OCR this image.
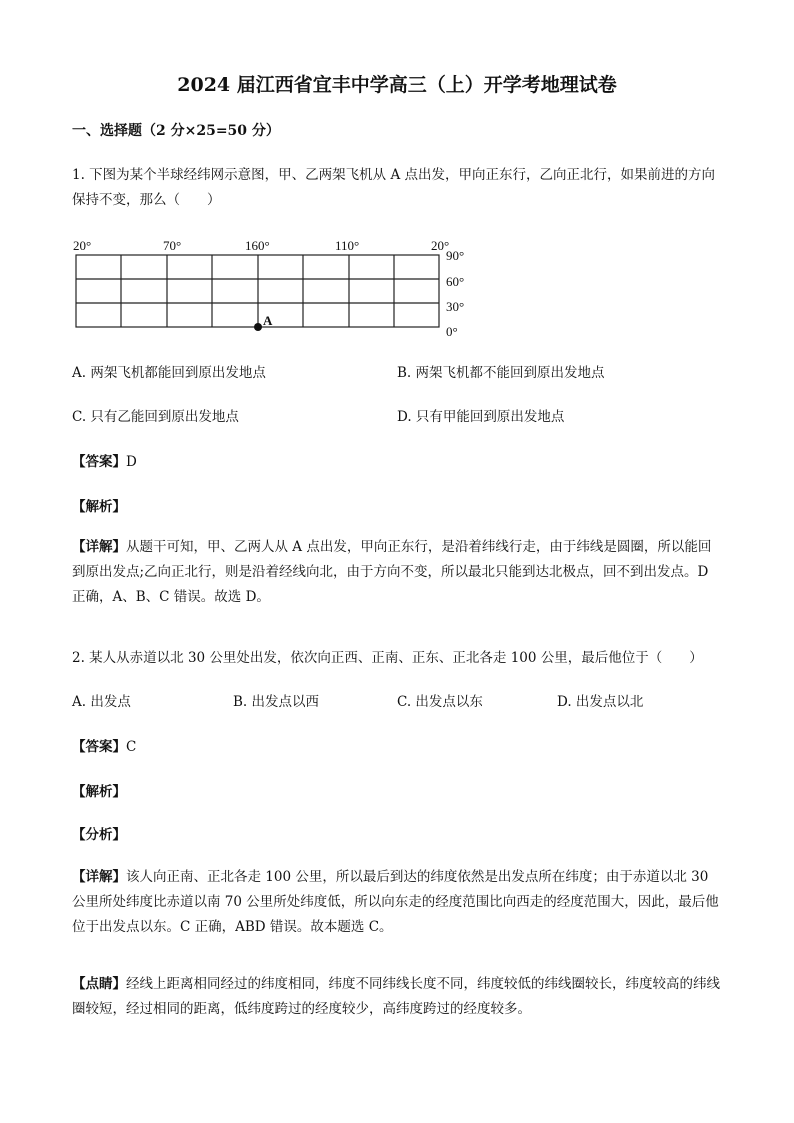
2024 届江西省宜丰中学高三（上）开学考地理试卷
一、选择题（2 分×25=50 分）
1. 下图为某个半球经纬网示意图，甲、乙两架飞机从 A 点出发，甲向正东行，乙向正北行，如果前进的方向保持不变，那么（　　）
20°	70°	160°	110°	20°
90°
60°
30°
0°
A
A. 两架飞机都能回到原出发地点	B. 两架飞机都不能回到原出发地点
C. 只有乙能回到原出发地点	D. 只有甲能回到原出发地点
【答案】D
【解析】
【详解】从题干可知，甲、乙两人从 A 点出发，甲向正东行，是沿着纬线行走，由于纬线是圆圈，所以能回到原出发点;乙向正北行，则是沿着经线向北，由于方向不变，所以最北只能到达北极点，回不到出发点。D 正确，A、B、C 错误。故选 D。
2. 某人从赤道以北 30 公里处出发，依次向正西、正南、正东、正北各走 100 公里，最后他位于（　　）
A. 出发点	B. 出发点以西	C. 出发点以东	D. 出发点以北
【答案】C
【解析】
【分析】
【详解】该人向正南、正北各走 100 公里，所以最后到达的纬度依然是出发点所在纬度；由于赤道以北 30 公里所处纬度比赤道以南 70 公里所处纬度低，所以向东走的经度范围比向西走的经度范围大，因此，最后他位于出发点以东。C 正确，ABD 错误。故本题选 C。
【点睛】经线上距离相同经过的纬度相同，纬度不同纬线长度不同，纬度较低的纬线圈较长，纬度较高的纬线圈较短，经过相同的距离，低纬度跨过的经度较少，高纬度跨过的经度较多。
